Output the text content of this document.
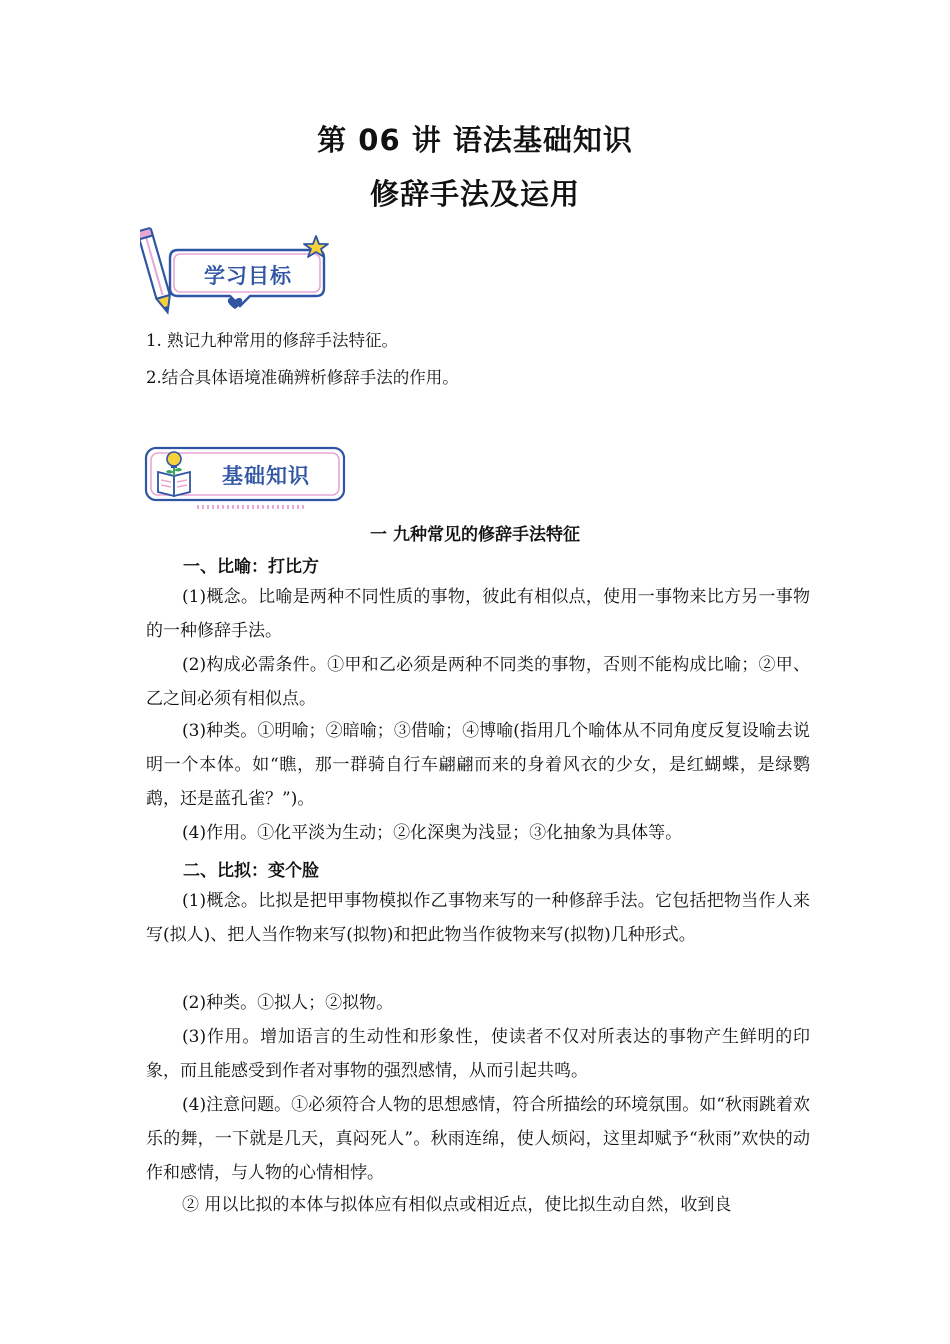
第 06 讲 语法基础知识
修辞手法及运用
学习目标
1. 熟记九种常用的修辞手法特征。
2.结合具体语境准确辨析修辞手法的作用。
基础知识
一 九种常见的修辞手法特征
一、比喻：打比方

(1)概念。比喻是两种不同性质的事物，彼此有相似点，使用一事物来比方另一事物的一种修辞手法。

(2)构成必需条件。①甲和乙必须是两种不同类的事物，否则不能构成比喻；②甲、乙之间必须有相似点。

(3)种类。①明喻；②暗喻；③借喻；④博喻(指用几个喻体从不同角度反复设喻去说明一个本体。如“瞧，那一群骑自行车翩翩而来的身着风衣的少女，是红蝴蝶，是绿鹦鹉，还是蓝孔雀？”)。

(4)作用。①化平淡为生动；②化深奥为浅显；③化抽象为具体等。

二、比拟：变个脸

(1)概念。比拟是把甲事物模拟作乙事物来写的一种修辞手法。它包括把物当作人来写(拟人)、把人当作物来写(拟物)和把此物当作彼物来写(拟物)几种形式。

(2)种类。①拟人；②拟物。

(3)作用。增加语言的生动性和形象性，使读者不仅对所表达的事物产生鲜明的印象，而且能感受到作者对事物的强烈感情，从而引起共鸣。

(4)注意问题。①必须符合人物的思想感情，符合所描绘的环境氛围。如“秋雨跳着欢乐的舞，一下就是几天，真闷死人”。秋雨连绵，使人烦闷，这里却赋予“秋雨”欢快的动作和感情，与人物的心情相悖。

② 用以比拟的本体与拟体应有相似点或相近点，使比拟生动自然，收到良
